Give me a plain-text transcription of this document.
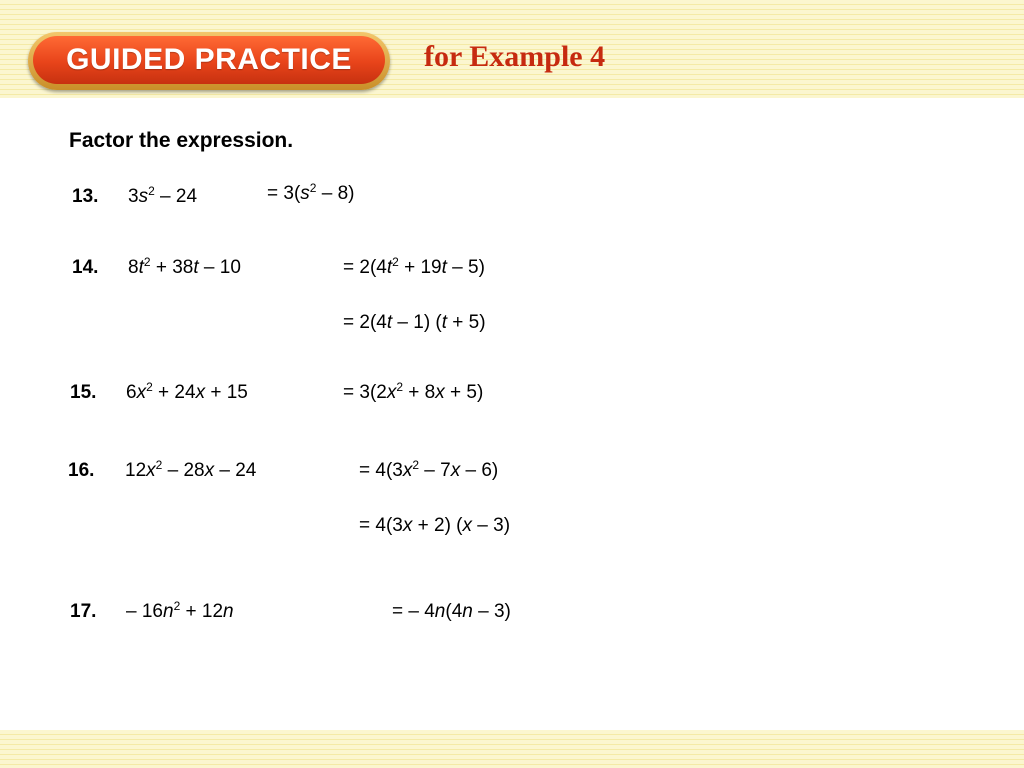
GUIDED PRACTICE for Example 4
Factor the expression.
13. $3s^2 - 24$	= $3(s^2 - 8)$
14. $8t^2 + 38t - 10$	= $2(4t^2 + 19t - 5)$
= 2(4t – 1) (t + 5)
15. $6x^2 + 24x + 15$	= $3(2x^2 + 8x + 5)$
16. $12x^2 - 28x - 24$	= $4(3x^2 - 7x - 6)$
= 4(3x + 2) (x – 3)
17. – $16n^2 + 12n$	= – 4n(4n – 3)
